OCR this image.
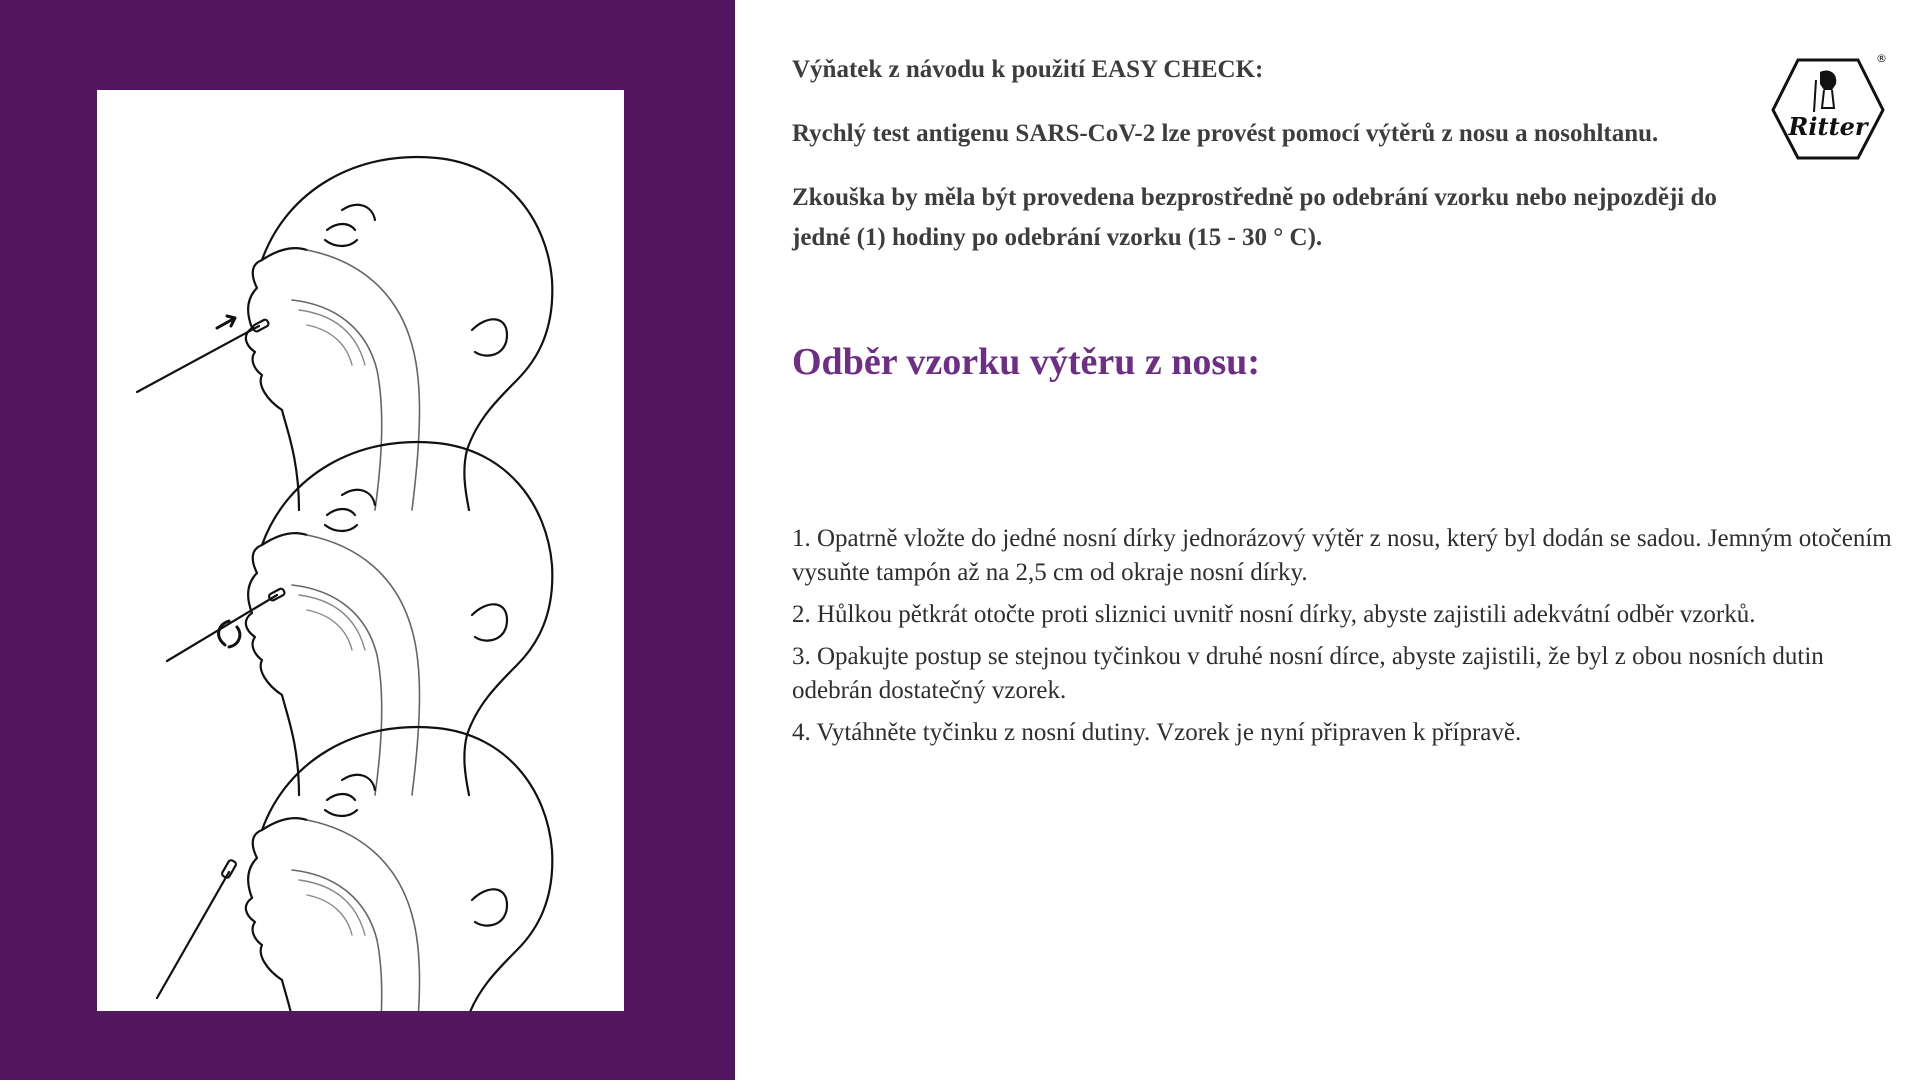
Výňatek z návodu k použití EASY CHECK:

Rychlý test antigenu SARS-CoV-2 lze provést pomocí výtěrů z nosu a nosohltanu.

Zkouška by měla být provedena bezprostředně po odebrání vzorku nebo nejpozději do jedné (1) hodiny po odebrání vzorku (15 - 30 ° C).

Ritter
®
Odběr vzorku výtěru z nosu:
1. Opatrně vložte do jedné nosní dírky jednorázový výtěr z nosu, který byl dodán se sadou. Jemným otočením vysuňte tampón až na 2,5 cm od okraje nosní dírky.
2. Hůlkou pětkrát otočte proti sliznici uvnitř nosní dírky, abyste zajistili adekvátní odběr vzorků.
3. Opakujte postup se stejnou tyčinkou v druhé nosní dírce, abyste zajistili, že byl z obou nosních dutin odebrán dostatečný vzorek.
4. Vytáhněte tyčinku z nosní dutiny. Vzorek je nyní připraven k přípravě.
